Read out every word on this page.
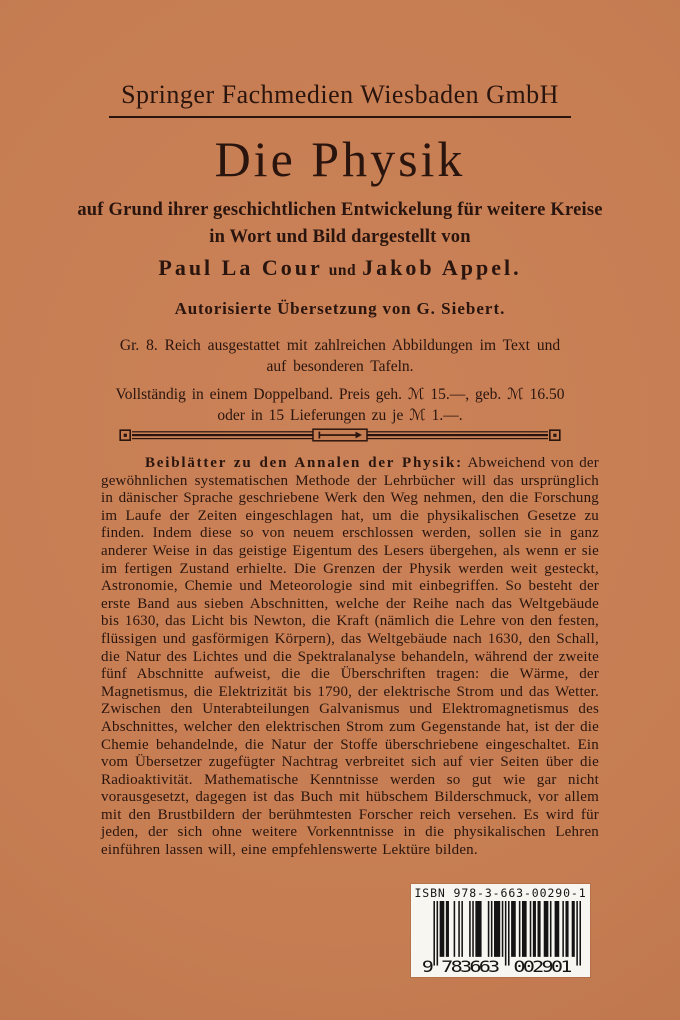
Springer Fachmedien Wiesbaden GmbH
Die Physik
auf Grund ihrer geschichtlichen Entwickelung für weitere Kreise
in Wort und Bild dargestellt von
Paul La Cour und Jakob Appel.
Autorisierte Übersetzung von G. Siebert.
Gr. 8. Reich ausgestattet mit zahlreichen Abbildungen im Text und
auf besonderen Tafeln.
Vollständig in einem Doppelband. Preis geh. ℳ 15.—, geb. ℳ 16.50
oder in 15 Lieferungen zu je ℳ 1.—.

Beiblätter zu den Annalen der Physik: Abweichend von der gewöhnlichen systematischen Methode der Lehrbücher will das ursprünglich in dänischer Sprache geschriebene Werk den Weg nehmen, den die Forschung im Laufe der Zeiten eingeschlagen hat, um die physikalischen Gesetze zu finden. Indem diese so von neuem erschlossen werden, sollen sie in ganz anderer Weise in das geistige Eigentum des Lesers übergehen, als wenn er sie im fertigen Zustand erhielte. Die Grenzen der Physik werden weit gesteckt, Astronomie, Chemie und Meteorologie sind mit einbegriffen. So besteht der erste Band aus sieben Abschnitten, welche der Reihe nach das Weltgebäude bis 1630, das Licht bis Newton, die Kraft (nämlich die Lehre von den festen, flüssigen und gasförmigen Körpern), das Weltgebäude nach 1630, den Schall, die Natur des Lichtes und die Spektralanalyse behandeln, während der zweite fünf Abschnitte aufweist, die die Überschriften tragen: die Wärme, der Magnetismus, die Elektrizität bis 1790, der elektrische Strom und das Wetter. Zwischen den Unterabteilungen Galvanismus und Elektromagnetismus des Abschnittes, welcher den elektrischen Strom zum Gegenstande hat, ist der die Chemie behandelnde, die Natur der Stoffe überschriebene eingeschaltet. Ein vom Übersetzer zugefügter Nachtrag verbreitet sich auf vier Seiten über die Radioaktivität. Mathematische Kenntnisse werden so gut wie gar nicht vorausgesetzt, dagegen ist das Buch mit hübschem Bilderschmuck, vor allem mit den Brustbildern der berühmtesten Forscher reich versehen. Es wird für jeden, der sich ohne weitere Vorkenntnisse in die physikalischen Lehren einführen lassen will, eine empfehlenswerte Lektüre bilden.

ISBN 978-3-663-00290-1
9 783663 002901
